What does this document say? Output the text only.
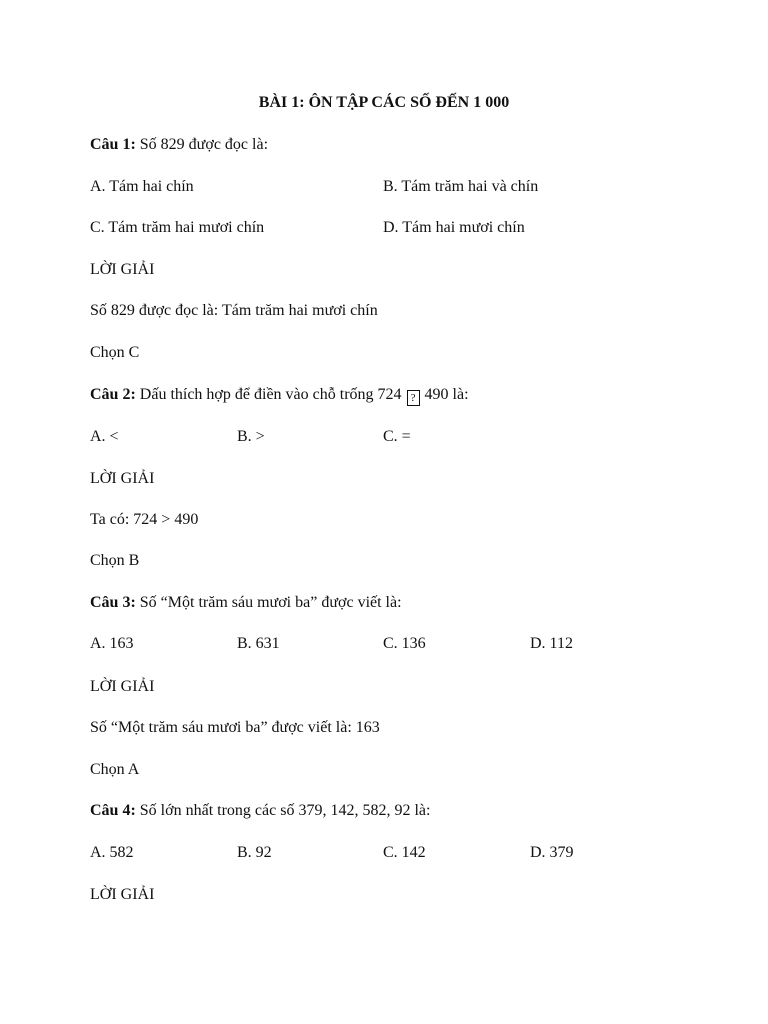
BÀI 1: ÔN TẬP CÁC SỐ ĐẾN 1 000
Câu 1: Số 829 được đọc là:
A. Tám hai chín	B. Tám trăm hai và chín
C. Tám trăm hai mươi chín	D. Tám hai mươi chín
LỜI GIẢI
Số 829 được đọc là: Tám trăm hai mươi chín
Chọn C
Câu 2: Dấu thích hợp để điền vào chỗ trống 724 ? 490 là:
A. <	B. >	C. =
LỜI GIẢI
Ta có: 724 > 490
Chọn B
Câu 3: Số “Một trăm sáu mươi ba” được viết là:
A. 163	B. 631	C. 136	D. 112
LỜI GIẢI
Số “Một trăm sáu mươi ba” được viết là: 163
Chọn A
Câu 4: Số lớn nhất trong các số 379, 142, 582, 92 là:
A. 582	B. 92	C. 142	D. 379
LỜI GIẢI
